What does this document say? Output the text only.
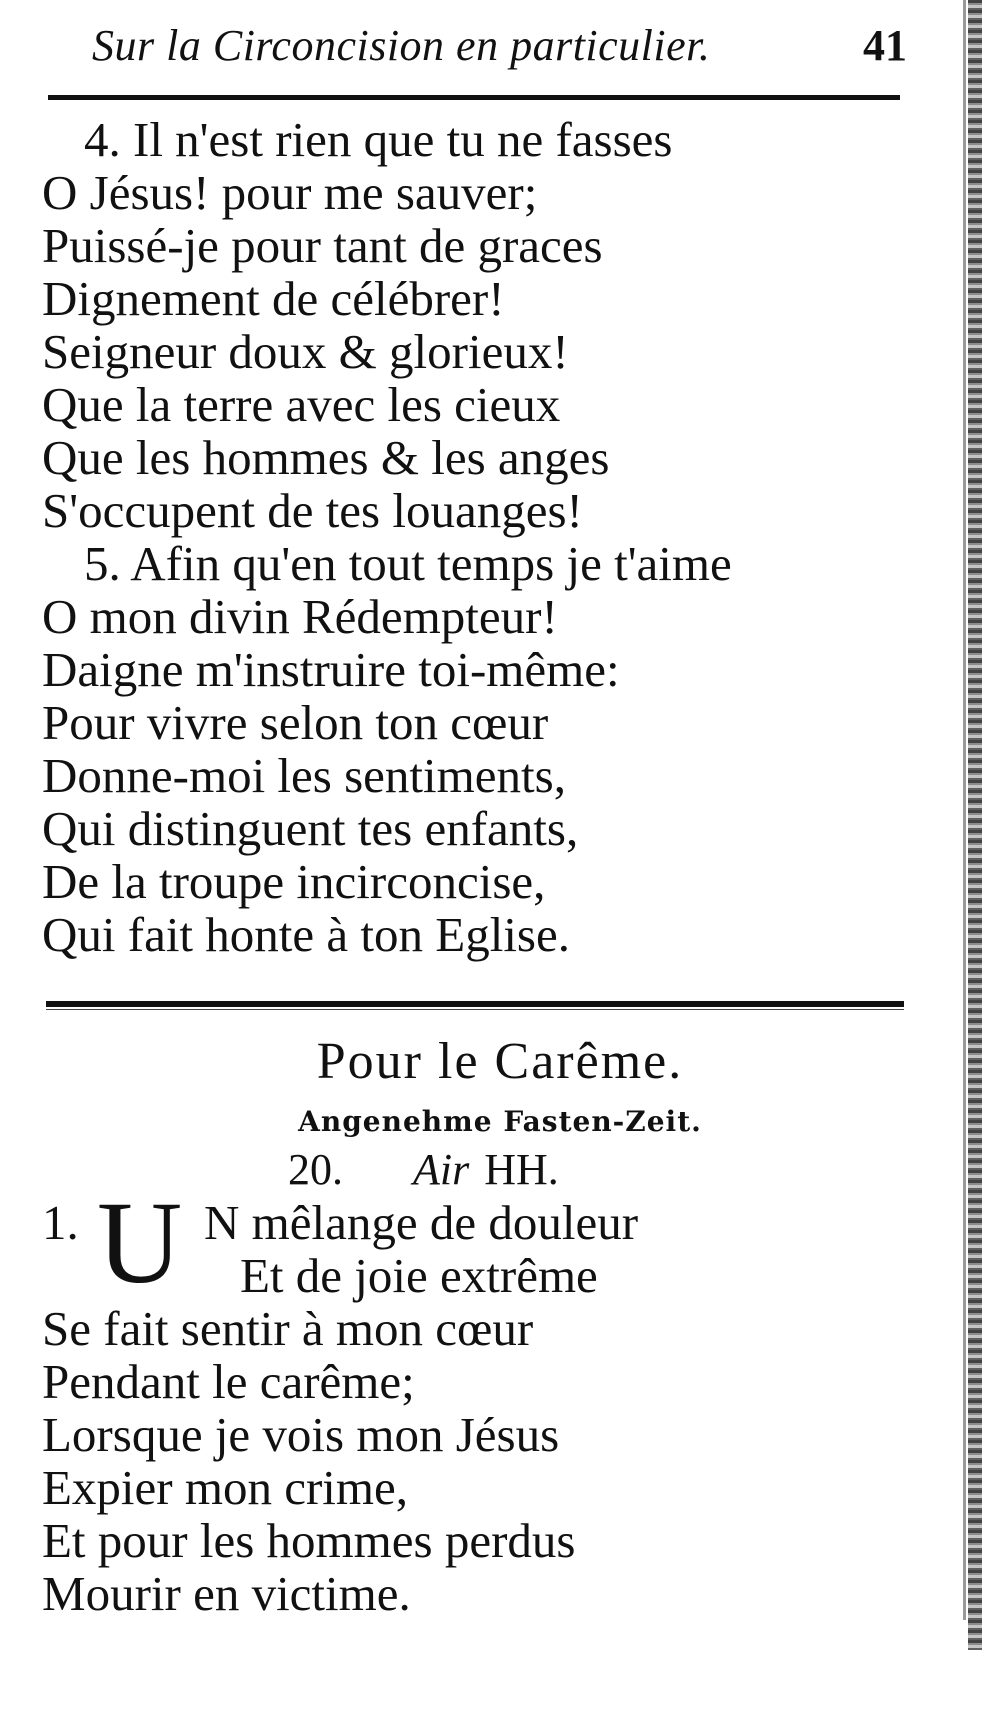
Sur la Circoncision en particulier.	41
4. Il n'est rien que tu ne fasses
O Jésus! pour me sauver;
Puissé-je pour tant de graces
Dignement de célébrer!
Seigneur doux & glorieux!
Que la terre avec les cieux
Que les hommes & les anges
S'occupent de tes louanges!
5. Afin qu'en tout temps je t'aime
O mon divin Rédempteur!
Daigne m'instruire toi-même:
Pour vivre selon ton cœur
Donne-moi les sentiments,
Qui distinguent tes enfants,
De la troupe incirconcise,
Qui fait honte à ton Eglise.
Pour le Carême.
Angenehme Fasten-Zeit.
20. Air HH.
1. U N mêlange de douleur
Et de joie extrême
Se fait sentir à mon cœur
Pendant le carême;
Lorsque je vois mon Jésus
Expier mon crime,
Et pour les hommes perdus
Mourir en victime.
